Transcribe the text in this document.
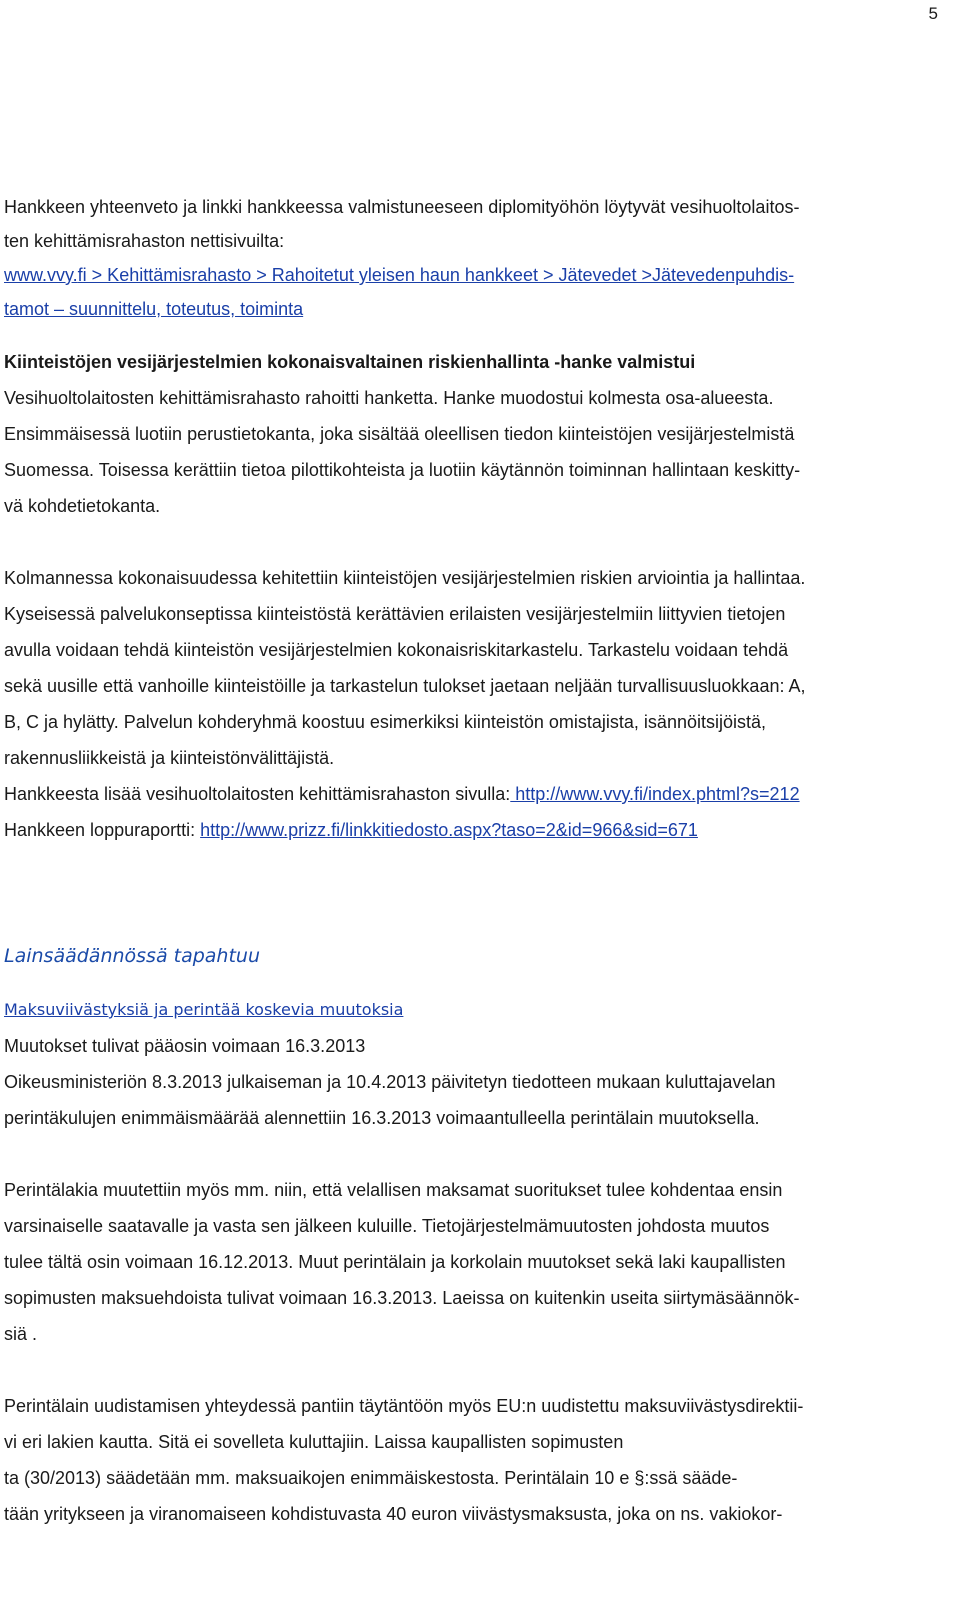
5
Hankkeen yhteenveto ja linkki hankkeessa valmistuneeseen diplomityöhön löytyvät vesihuoltolaitos-
ten kehittämisrahaston nettisivuilta:
www.vvy.fi > Kehittämisrahasto > Rahoitetut yleisen haun hankkeet > Jätevedet >Jätevedenpuhdis-
tamot – suunnittelu, toteutus, toiminta
Kiinteistöjen vesijärjestelmien kokonaisvaltainen riskienhallinta -hanke valmistui
Vesihuoltolaitosten kehittämisrahasto rahoitti hanketta. Hanke muodostui kolmesta osa-alueesta.
Ensimmäisessä luotiin perustietokanta, joka sisältää oleellisen tiedon kiinteistöjen vesijärjestelmistä
Suomessa. Toisessa kerättiin tietoa pilottikohteista ja luotiin käytännön toiminnan hallintaan keskitty-
vä kohdetietokanta.
Kolmannessa kokonaisuudessa kehitettiin kiinteistöjen vesijärjestelmien riskien arviointia ja hallintaa.
Kyseisessä palvelukonseptissa kiinteistöstä kerättävien erilaisten vesijärjestelmiin liittyvien tietojen
avulla voidaan tehdä kiinteistön vesijärjestelmien kokonaisriskitarkastelu. Tarkastelu voidaan tehdä
sekä uusille että vanhoille kiinteistöille ja tarkastelun tulokset jaetaan neljään turvallisuusluokkaan: A,
B, C ja hylätty. Palvelun kohderyhmä koostuu esimerkiksi kiinteistön omistajista, isännöitsijöistä,
rakennusliikkeistä ja kiinteistönvälittäjistä.
Hankkeesta lisää vesihuoltolaitosten kehittämisrahaston sivulla: http://www.vvy.fi/index.phtml?s=212
Hankkeen loppuraportti: http://www.prizz.fi/linkkitiedosto.aspx?taso=2&id=966&sid=671
Lainsäädännössä tapahtuu
Maksuviivästyksiä ja perintää koskevia muutoksia
Muutokset tulivat pääosin voimaan 16.3.2013
Oikeusministeriön 8.3.2013 julkaiseman ja 10.4.2013 päivitetyn tiedotteen mukaan kuluttajavelan
perintäkulujen enimmäismäärää alennettiin 16.3.2013 voimaantulleella perintälain muutoksella.
Perintälakia muutettiin myös mm. niin, että velallisen maksamat suoritukset tulee kohdentaa ensin
varsinaiselle saatavalle ja vasta sen jälkeen kuluille. Tietojärjestelmämuutosten johdosta muutos
tulee tältä osin voimaan 16.12.2013. Muut perintälain ja korkolain muutokset sekä laki kaupallisten
sopimusten maksuehdoista tulivat voimaan 16.3.2013. Laeissa on kuitenkin useita siirtymäsäännök-
siä .
Perintälain uudistamisen yhteydessä pantiin täytäntöön myös EU:n uudistettu maksuviivästysdirektii-
vi eri lakien kautta. Sitä ei sovelleta kuluttajiin. Laissa kaupallisten sopimusten
ta (30/2013) säädetään mm. maksuaikojen enimmäiskestosta. Perintälain 10 e §:ssä sääde-
tään yritykseen ja viranomaiseen kohdistuvasta 40 euron viivästysmaksusta, joka on ns. vakiokor-
